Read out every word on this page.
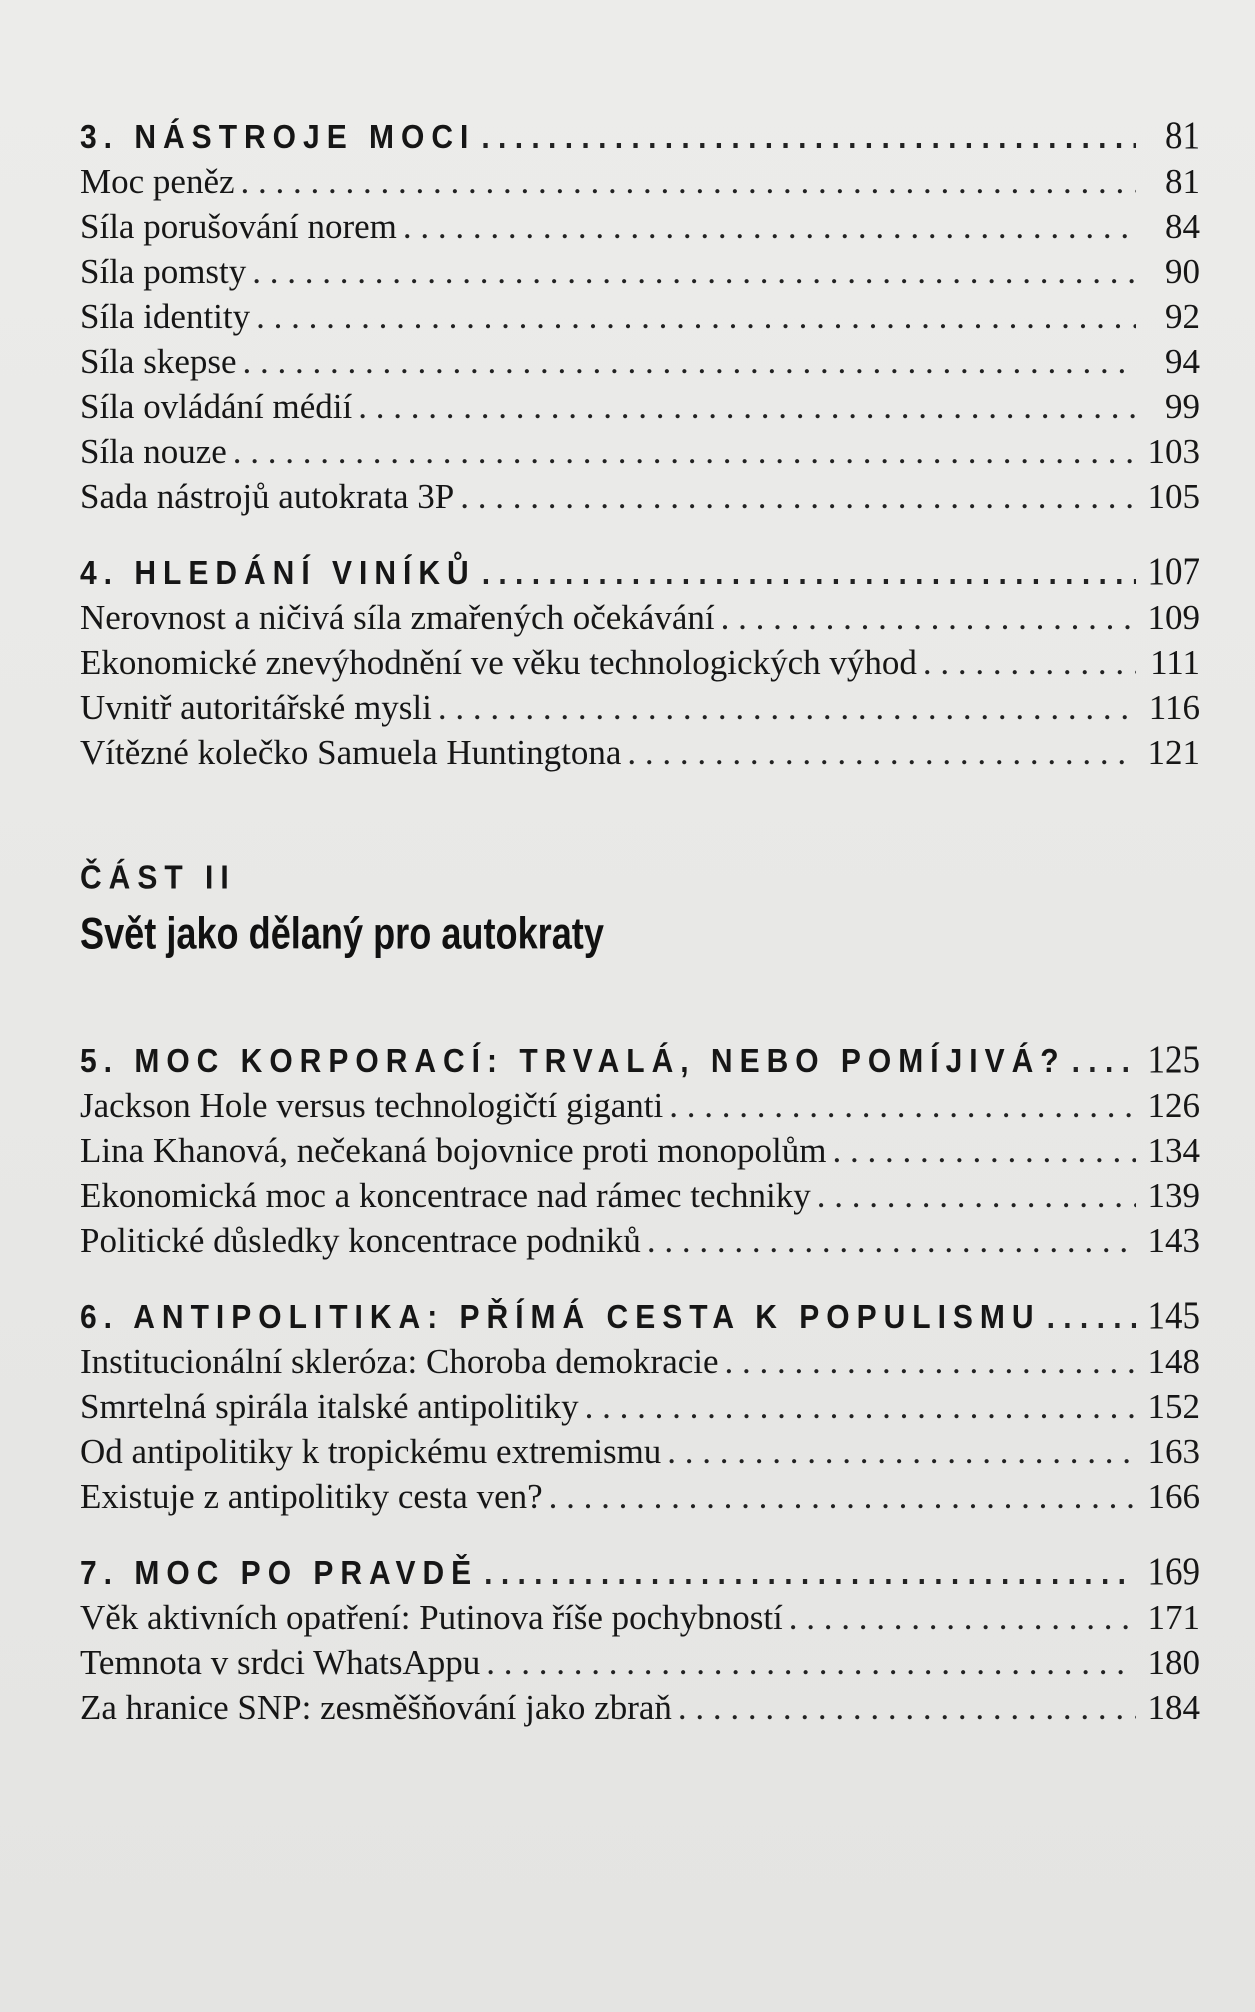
3. NÁSTROJE MOCI . . .	81
Moc peněz . . .	81
Síla porušování norem . . .	84
Síla pomsty . . .	90
Síla identity . . .	92
Síla skepse . . .	94
Síla ovládání médií . . .	99
Síla nouze . . .	103
Sada nástrojů autokrata 3P . . .	105
4. HLEDÁNÍ VINÍKŮ . . .	107
Nerovnost a ničivá síla zmařených očekávání . . .	109
Ekonomické znevýhodnění ve věku technologických výhod . . .	111
Uvnitř autoritářské mysli . . .	116
Vítězné kolečko Samuela Huntingtona . . .	121
ČÁST II
Svět jako dělaný pro autokraty
5. MOC KORPORACÍ: TRVALÁ, NEBO POMÍJIVÁ? . . . 125
Jackson Hole versus technologičtí giganti . . .	126
Lina Khanová, nečekaná bojovnice proti monopolům . . .	134
Ekonomická moc a koncentrace nad rámec techniky . . .	139
Politické důsledky koncentrace podniků . . .	143
6. ANTIPOLITIKA: PŘÍMÁ CESTA K POPULISMU . . .	145
Institucionální skleróza: Choroba demokracie . . .	148
Smrtelná spirála italské antipolitiky . . .	152
Od antipolitiky k tropickému extremismu . . .	163
Existuje z antipolitiky cesta ven? . . .	166
7. MOC PO PRAVDĚ . . .	169
Věk aktivních opatření: Putinova říše pochybností . . .	171
Temnota v srdci WhatsAppu . . .	180
Za hranice SNP: zesměšňování jako zbraň . . .	184
